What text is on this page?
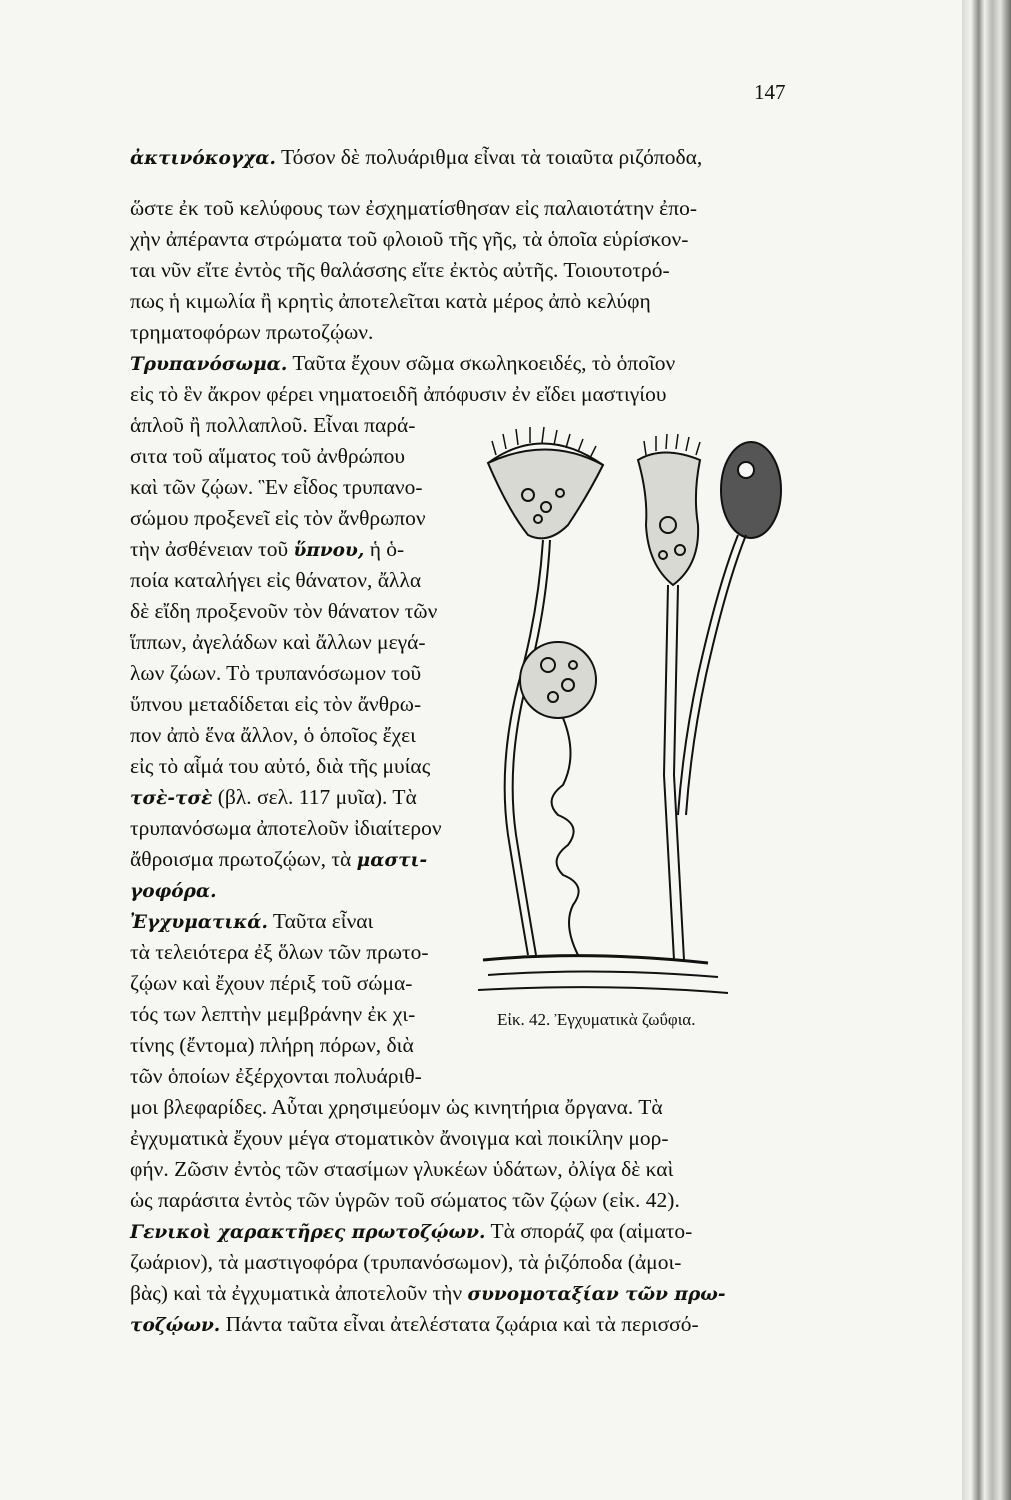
147
ἀκτινόκογχα. Τόσον δὲ πολυάριθμα εἶναι τὰ τοιαῦτα ριζόποδα,
ὥστε ἐκ τοῦ κελύφους των ἐσχηματίσθησαν εἰς παλαιοτάτην ἐπο-
χὴν ἀπέραντα στρώματα τοῦ φλοιοῦ τῆς γῆς, τὰ ὁποῖα εὑρίσκον-
ται νῦν εἴτε ἐντὸς τῆς θαλάσσης εἴτε ἐκτὸς αὐτῆς. Τοιουτοτρό-
πως ἡ κιμωλία ἢ κρητὶς ἀποτελεῖται κατὰ μέρος ἀπὸ κελύφη
τρηματοφόρων πρωτοζῴων.
Τρυπανόσωμα. Ταῦτα ἔχουν σῶμα σκωληκοειδές, τὸ ὁποῖον
εἰς τὸ ἓν ἄκρον φέρει νηματοειδῆ ἀπόφυσιν ἐν εἴδει μαστιγίου
ἁπλοῦ ἢ πολλαπλοῦ. Εἶναι παρά-
σιτα τοῦ αἵματος τοῦ ἀνθρώπου
καὶ τῶν ζῴων. Ἓν εἶδος τρυπανο-
σώμου προξενεῖ εἰς τὸν ἄνθρωπον
τὴν ἀσθένειαν τοῦ ὕπνου, ἡ ὁ-
ποία καταλήγει εἰς θάνατον, ἄλλα
δὲ εἴδη προξενοῦν τὸν θάνατον τῶν
ἵππων, ἀγελάδων καὶ ἄλλων μεγά-
λων ζώων. Τὸ τρυπανόσωμον τοῦ
ὕπνου μεταδίδεται εἰς τὸν ἄνθρω-
πον ἀπὸ ἕνα ἄλλον, ὁ ὁποῖος ἔχει
εἰς τὸ αἷμά του αὐτό, διὰ τῆς μυίας
τσὲ-τσὲ (βλ. σελ. 117 μυῖα). Τὰ
τρυπανόσωμα ἀποτελοῦν ἰδιαίτερον
ἄθροισμα πρωτοζῴων, τὰ μαστι-
γοφόρα.
Ἐγχυματικά. Ταῦτα εἶναι
τὰ τελειότερα ἐξ ὅλων τῶν πρωτο-
ζῴων καὶ ἔχουν πέριξ τοῦ σώμα-
τός των λεπτὴν μεμβράνην ἐκ χι-
τίνης (ἔντομα) πλήρη πόρων, διὰ
τῶν ὁποίων ἐξέρχονται πολυάριθ-
μοι βλεφαρίδες. Αὗται χρησιμεύομν ὡς κινητήρια ὄργανα. Τὰ
ἐγχυματικὰ ἔχουν μέγα στοματικὸν ἄνοιγμα καὶ ποικίλην μορ-
φήν. Ζῶσιν ἐντὸς τῶν στασίμων γλυκέων ὑδάτων, ὀλίγα δὲ καὶ
ὡς παράσιτα ἐντὸς τῶν ὑγρῶν τοῦ σώματος τῶν ζῴων (εἰκ. 42).
Γενικοὶ χαρακτῆρες πρωτοζῴων. Τὰ σποράζ φα (αἱματο-
ζωάριον), τὰ μαστιγοφόρα (τρυπανόσωμον), τὰ ῥιζόποδα (ἀμοι-
βὰς) καὶ τὰ ἐγχυματικὰ ἀποτελοῦν τὴν συνομοταξίαν τῶν πρω-
τοζῴων. Πάντα ταῦτα εἶναι ἀτελέστατα ζῳάρια καὶ τὰ περισσό-
Εἰκ. 42. Ἐγχυματικὰ ζωΰφια.
